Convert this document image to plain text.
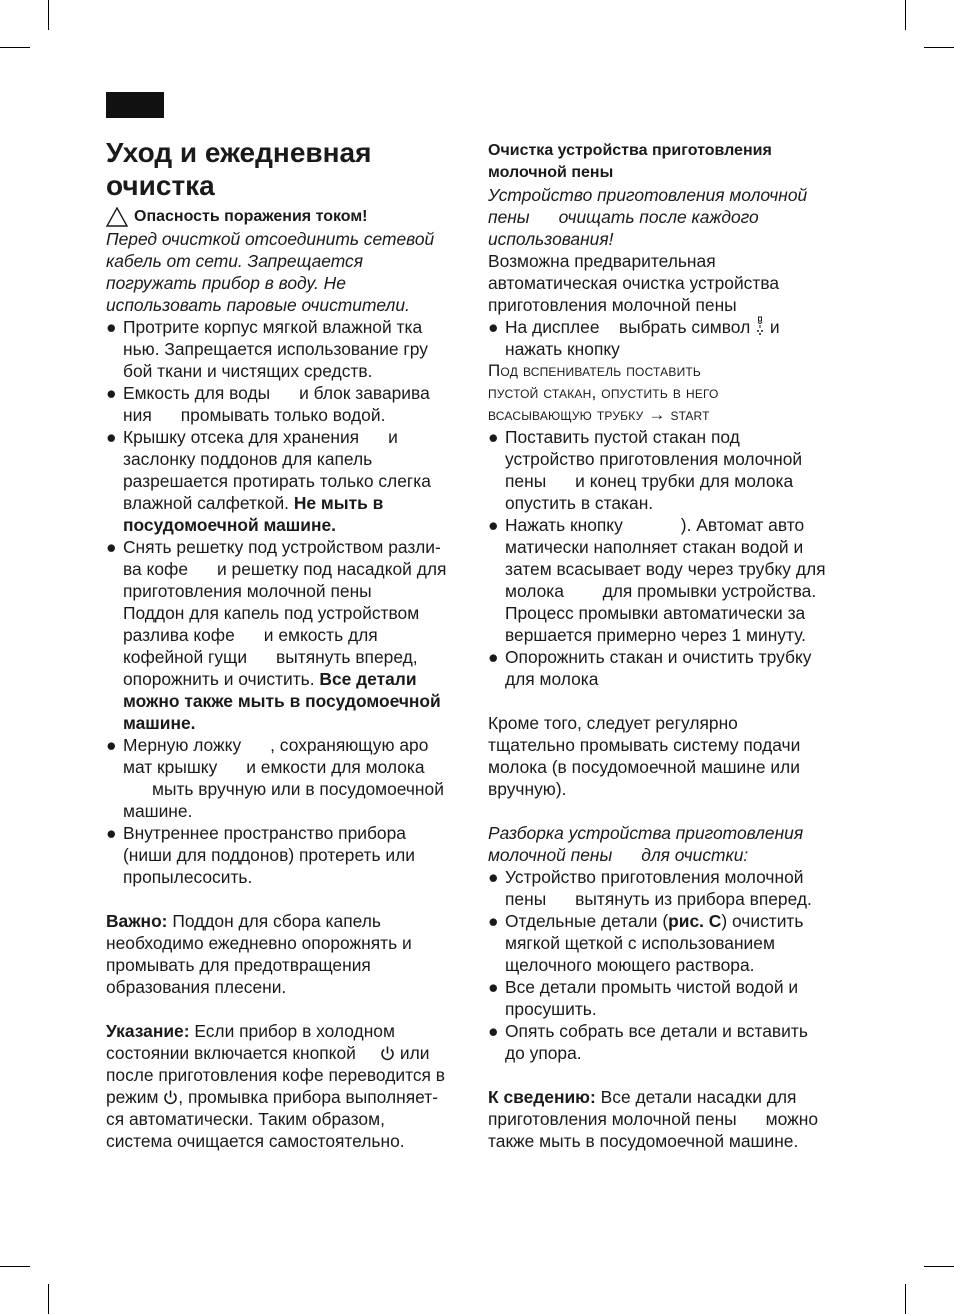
Уход и ежедневная
очистка
Опасность поражения током!
Перед очисткой отсоединить сетевой
кабель от сети. Запрещается
погружать прибор в воду. Не
использовать паровые очистители.
● Протрите корпус мягкой влажной тка
нью. Запрещается использование гру
бой ткани и чистящих средств.
● Емкость для воды      и блок заварива
ния      промывать только водой.
● Крышку отсека для хранения      и
заслонку поддонов для капель
разрешается протирать только слегка
влажной салфеткой. Не мыть в
посудомоечной машине.
● Снять решетку под устройством разли-
ва кофе      и решетку под насадкой для
приготовления молочной пены
Поддон для капель под устройством
разлива кофе      и емкость для
кофейной гущи      вытянуть вперед,
опорожнить и очистить. Все детали
можно также мыть в посудомоечной
машине.
● Мерную ложку      , сохраняющую аро
мат крышку      и емкости для молока
мыть вручную или в посудомоечной
машине.
● Внутреннее пространство прибора
(ниши для поддонов) протереть или
пропылесосить.
Важно: Поддон для сбора капель
необходимо ежедневно опорожнять и
промывать для предотвращения
образования плесени.
Указание: Если прибор в холодном
состоянии включается кнопкой      или
после приготовления кофе переводится в
режим , промывка прибора выполняет-
ся автоматически. Таким образом,
система очищается самостоятельно.
Очистка устройства приготовления
молочной пены
Устройство приготовления молочной
пены      очищать после каждого
использования!
Возможна предварительная
автоматическая очистка устройства
приготовления молочной пены
● На дисплее    выбрать символ  и
нажать кнопку
Под вспениватель поставить
пустой стакан, опустить в него
всасывающую трубку → start
● Поставить пустой стакан под
устройство приготовления молочной
пены      и конец трубки для молока
опустить в стакан.
● Нажать кнопку            ). Автомат авто
матически наполняет стакан водой и
затем всасывает воду через трубку для
молока        для промывки устройства.
Процесс промывки автоматически за
вершается примерно через 1 минуту.
● Опорожнить стакан и очистить трубку
для молока
Кроме того, следует регулярно
тщательно промывать систему подачи
молока (в посудомоечной машине или
вручную).
Разборка устройства приготовления
молочной пены      для очистки:
● Устройство приготовления молочной
пены      вытянуть из прибора вперед.
● Отдельные детали (рис. C) очистить
мягкой щеткой с использованием
щелочного моющего раствора.
● Все детали промыть чистой водой и
просушить.
● Опять собрать все детали и вставить
до упора.
К сведению: Все детали насадки для
приготовления молочной пены      можно
также мыть в посудомоечной машине.
